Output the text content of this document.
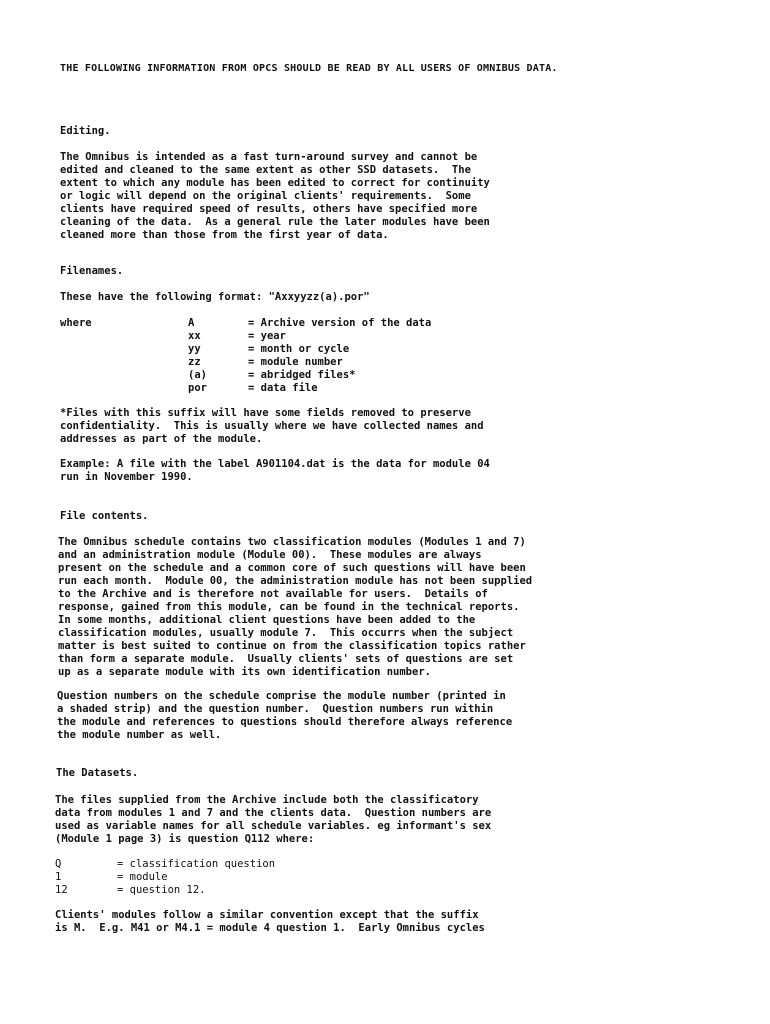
THE FOLLOWING INFORMATION FROM OPCS SHOULD BE READ BY ALL USERS OF OMNIBUS DATA.
Editing.
The Omnibus is intended as a fast turn-around survey and cannot be
edited and cleaned to the same extent as other SSD datasets.  The
extent to which any module has been edited to correct for continuity
or logic will depend on the original clients' requirements.  Some
clients have required speed of results, others have specified more
cleaning of the data.  As a general rule the later modules have been
cleaned more than those from the first year of data.
Filenames.
These have the following format: "Axxyyzz(a).por"
where	A	= Archive version of the data
xx	= year
yy	= month or cycle
zz	= module number
(a)	= abridged files*
por	= data file
*Files with this suffix will have some fields removed to preserve
confidentiality.  This is usually where we have collected names and
addresses as part of the module.
Example: A file with the label A901104.dat is the data for module 04
run in November 1990.
File contents.
The Omnibus schedule contains two classification modules (Modules 1 and 7)
and an administration module (Module 00).  These modules are always
present on the schedule and a common core of such questions will have been
run each month.  Module 00, the administration module has not been supplied
to the Archive and is therefore not available for users.  Details of
response, gained from this module, can be found in the technical reports.
In some months, additional client questions have been added to the
classification modules, usually module 7.  This occurrs when the subject
matter is best suited to continue on from the classification topics rather
than form a separate module.  Usually clients' sets of questions are set
up as a separate module with its own identification number.
Question numbers on the schedule comprise the module number (printed in
a shaded strip) and the question number.  Question numbers run within
the module and references to questions should therefore always reference
the module number as well.
The Datasets.
The files supplied from the Archive include both the classificatory
data from modules 1 and 7 and the clients data.  Question numbers are
used as variable names for all schedule variables. eg informant's sex
(Module 1 page 3) is question Q112 where:
Q	= classification question
1	= module
12	= question 12.
Clients' modules follow a similar convention except that the suffix
is M.  E.g. M41 or M4.1 = module 4 question 1.  Early Omnibus cycles
